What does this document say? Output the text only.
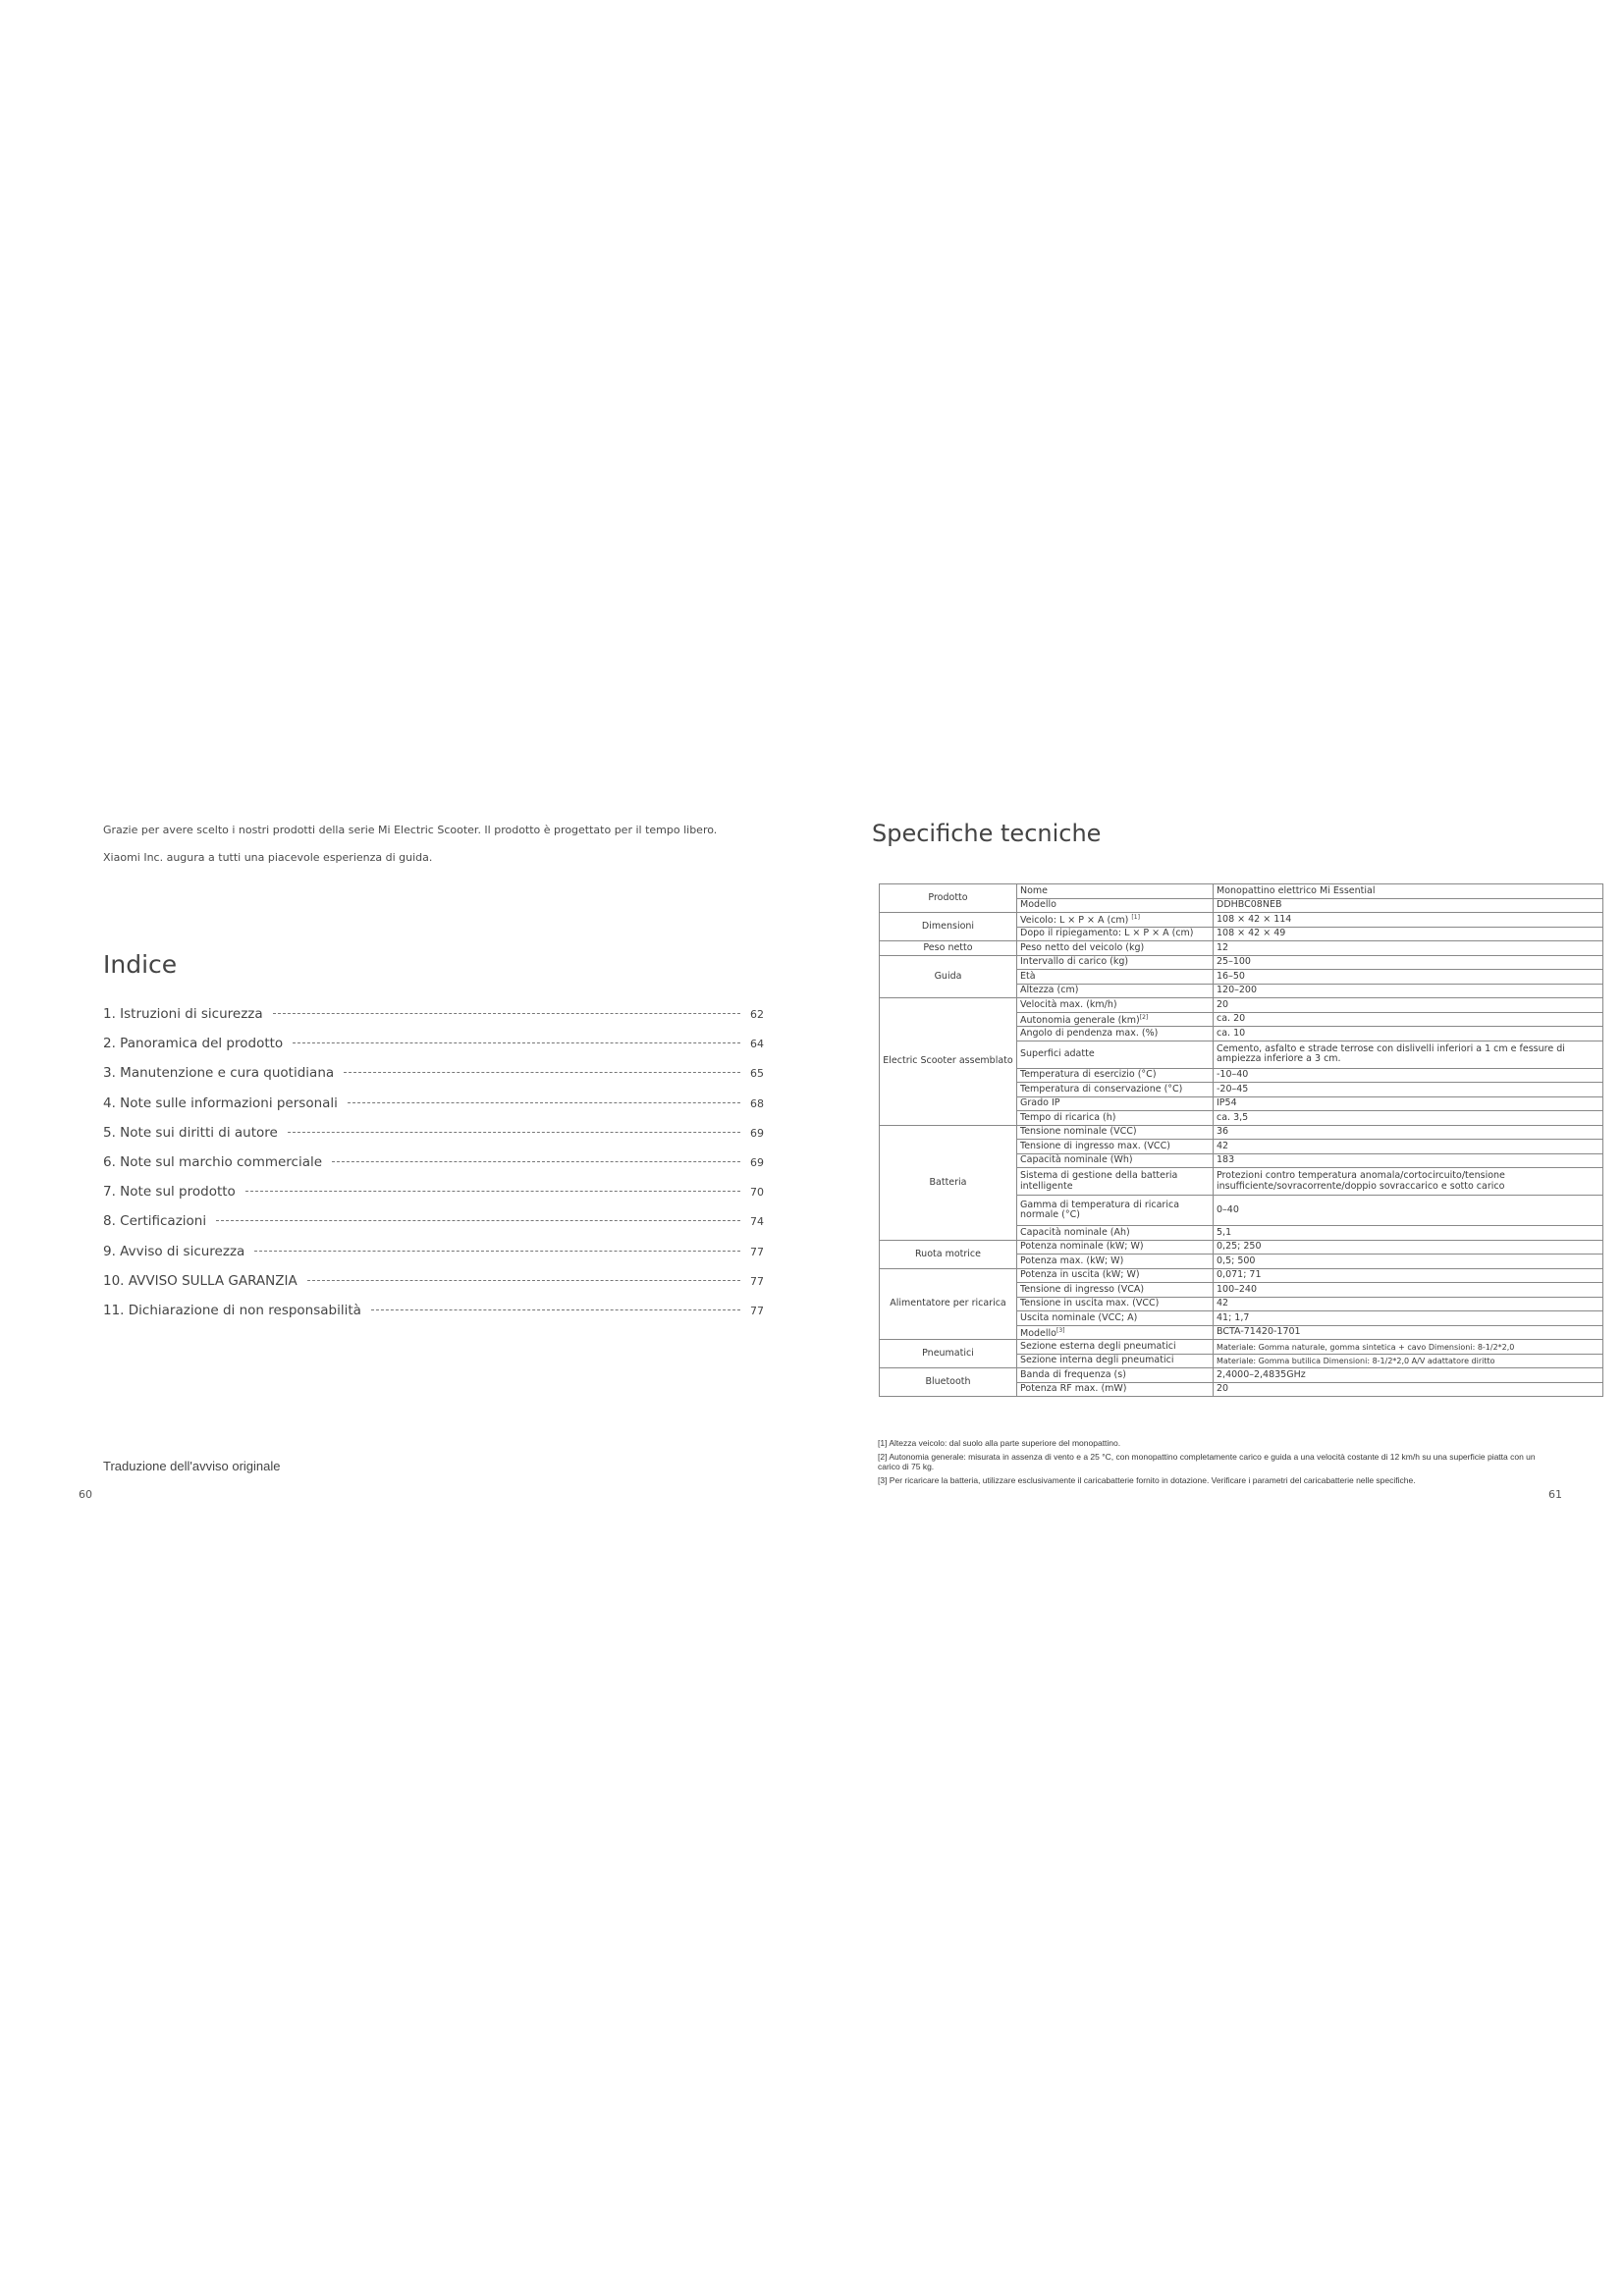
Grazie per avere scelto i nostri prodotti della serie Mi Electric Scooter. Il prodotto è progettato per il tempo libero.

Xiaomi Inc. augura a tutti una piacevole esperienza di guida.

Indice
1. Istruzioni di sicurezza	62
2. Panoramica del prodotto	64
3. Manutenzione e cura quotidiana	65
4. Note sulle informazioni personali	68
5. Note sui diritti di autore	69
6. Note sul marchio commerciale	69
7. Note sul prodotto	70
8. Certificazioni	74
9. Avviso di sicurezza	77
10. AVVISO SULLA GARANZIA	77
11. Dichiarazione di non responsabilità	77
Traduzione dell'avviso originale
60
Specifiche tecniche
Prodotto	Nome	Monopattino elettrico Mi Essential
	Modello	DDHBC08NEB
Dimensioni	Veicolo: L × P × A (cm) [1]	108 × 42 × 114
	Dopo il ripiegamento: L × P × A (cm)	108 × 42 × 49
Peso netto	Peso netto del veicolo (kg)	12
Guida	Intervallo di carico (kg)	25–100
	Età	16–50
	Altezza (cm)	120–200
Electric Scooter assemblato	Velocità max. (km/h)	20
	Autonomia generale (km)[2]	ca. 20
	Angolo di pendenza max. (%)	ca. 10
	Superfici adatte	Cemento, asfalto e strade terrose con dislivelli inferiori a 1 cm e fessure di ampiezza inferiore a 3 cm.
	Temperatura di esercizio (°C)	-10–40
	Temperatura di conservazione (°C)	-20–45
	Grado IP	IP54
	Tempo di ricarica (h)	ca. 3,5
Batteria	Tensione nominale (VCC)	36
	Tensione di ingresso max. (VCC)	42
	Capacità nominale (Wh)	183
	Sistema di gestione della batteria intelligente	Protezioni contro temperatura anomala/cortocircuito/tensione insufficiente/sovracorrente/doppio sovraccarico e sotto carico
	Gamma di temperatura di ricarica normale (°C)	0–40
	Capacità nominale (Ah)	5,1
Ruota motrice	Potenza nominale (kW; W)	0,25; 250
	Potenza max. (kW; W)	0,5; 500
Alimentatore per ricarica	Potenza in uscita (kW; W)	0,071; 71
	Tensione di ingresso (VCA)	100–240
	Tensione in uscita max. (VCC)	42
	Uscita nominale (VCC; A)	41; 1,7
	Modello[3]	BCTA-71420-1701
Pneumatici	Sezione esterna degli pneumatici	Materiale: Gomma naturale, gomma sintetica + cavo Dimensioni: 8-1/2*2,0
	Sezione interna degli pneumatici	Materiale: Gomma butilica Dimensioni: 8-1/2*2,0 A/V adattatore diritto
Bluetooth	Banda di frequenza (s)	2,4000–2,4835GHz
	Potenza RF max. (mW)	20

[1] Altezza veicolo: dal suolo alla parte superiore del monopattino.

[2] Autonomia generale: misurata in assenza di vento e a 25 °C, con monopattino completamente carico e guida a una velocità costante di 12 km/h su una superficie piatta con un carico di 75 kg.

[3] Per ricaricare la batteria, utilizzare esclusivamente il caricabatterie fornito in dotazione. Verificare i parametri del caricabatterie nelle specifiche.

61
